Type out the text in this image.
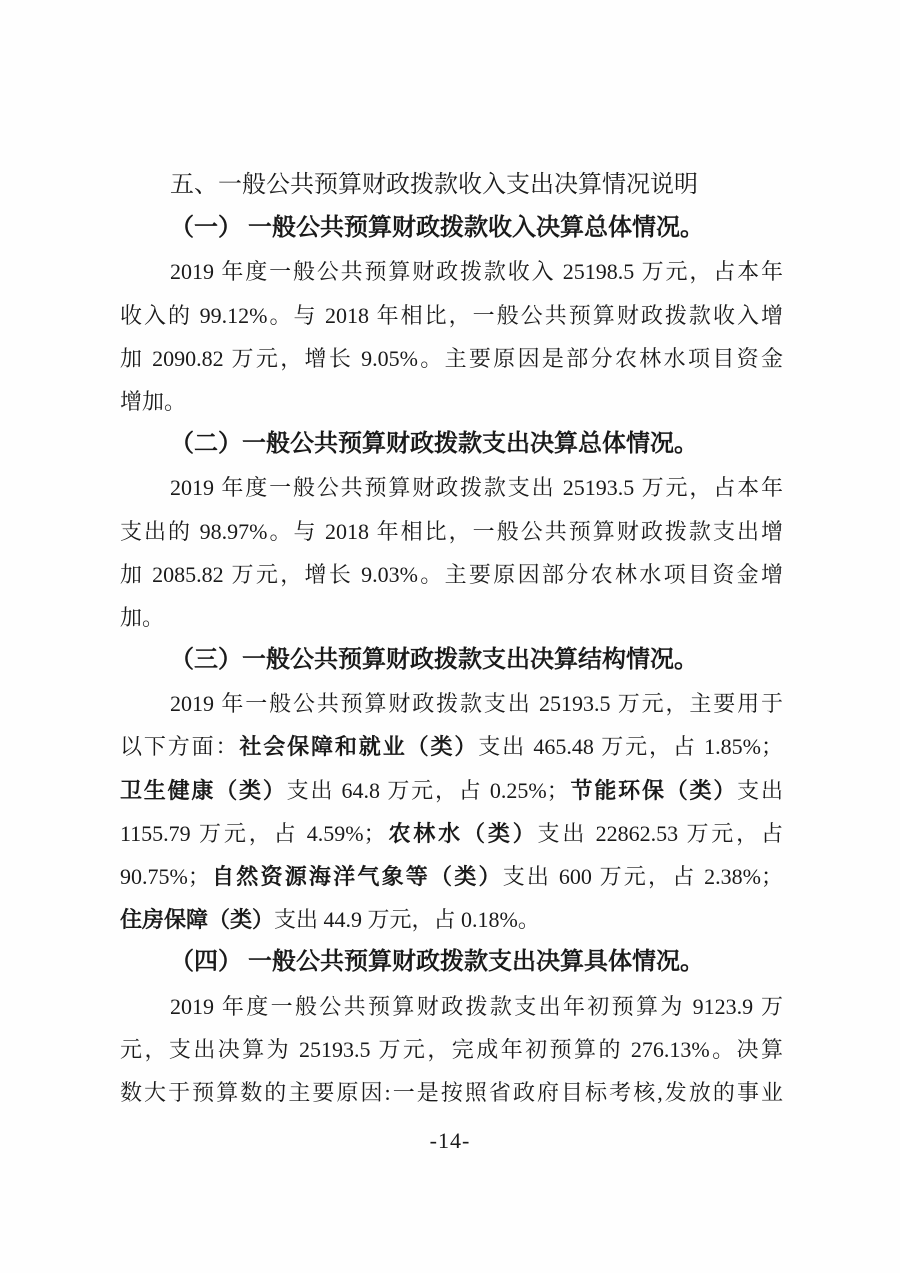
五、一般公共预算财政拨款收入支出决算情况说明
（一） 一般公共预算财政拨款收入决算总体情况。
2019 年度一般公共预算财政拨款收入 25198.5 万元，占本年
收入的 99.12%。与 2018 年相比，一般公共预算财政拨款收入增
加 2090.82 万元，增长 9.05%。主要原因是部分农林水项目资金
增加。
（二）一般公共预算财政拨款支出决算总体情况。
2019 年度一般公共预算财政拨款支出 25193.5 万元，占本年
支出的 98.97%。与 2018 年相比，一般公共预算财政拨款支出增
加 2085.82 万元，增长 9.03%。主要原因部分农林水项目资金增
加。
（三）一般公共预算财政拨款支出决算结构情况。
2019 年一般公共预算财政拨款支出 25193.5 万元，主要用于
以下方面：社会保障和就业（类）支出 465.48 万元，占 1.85%；
卫生健康（类）支出 64.8 万元，占 0.25%；节能环保（类）支出
1155.79 万元，占 4.59%；农林水（类）支出 22862.53 万元，占
90.75%；自然资源海洋气象等（类）支出 600 万元，占 2.38%；
住房保障（类）支出 44.9 万元，占 0.18%。
（四） 一般公共预算财政拨款支出决算具体情况。
2019 年度一般公共预算财政拨款支出年初预算为 9123.9 万
元，支出决算为 25193.5 万元，完成年初预算的 276.13%。决算
数大于预算数的主要原因:一是按照省政府目标考核,发放的事业
-14-
